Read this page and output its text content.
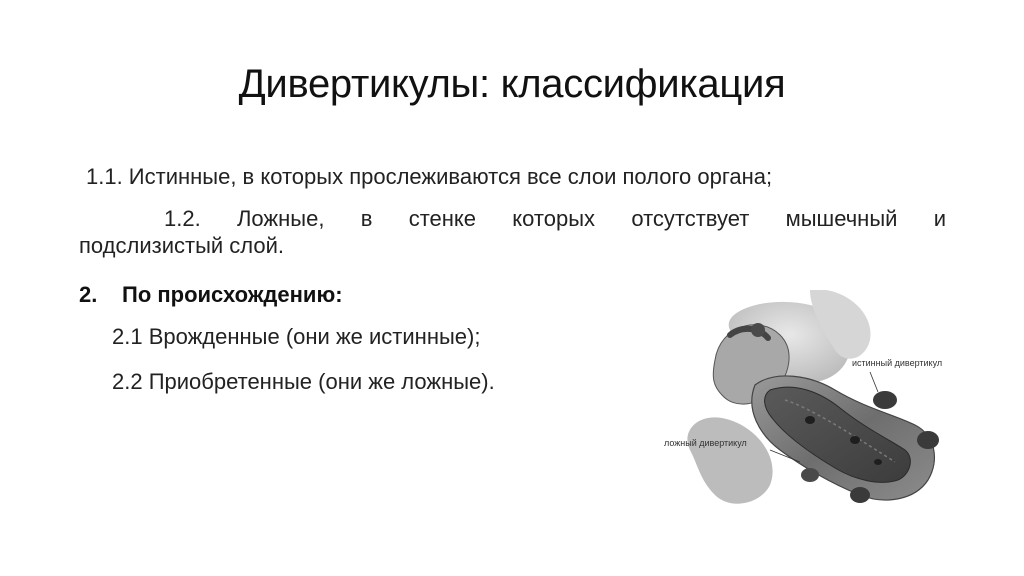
Дивертикулы: классификация
1.1. Истинные, в которых прослеживаются все слои полого органа;
1.2. Ложные, в стенке которых отсутствует мышечный и
подслизистый слой.
2. По происхождению:
2.1 Врожденные (они же истинные);
2.2 Приобретенные (они же ложные).
истинный дивертикул
ложный дивертикул
